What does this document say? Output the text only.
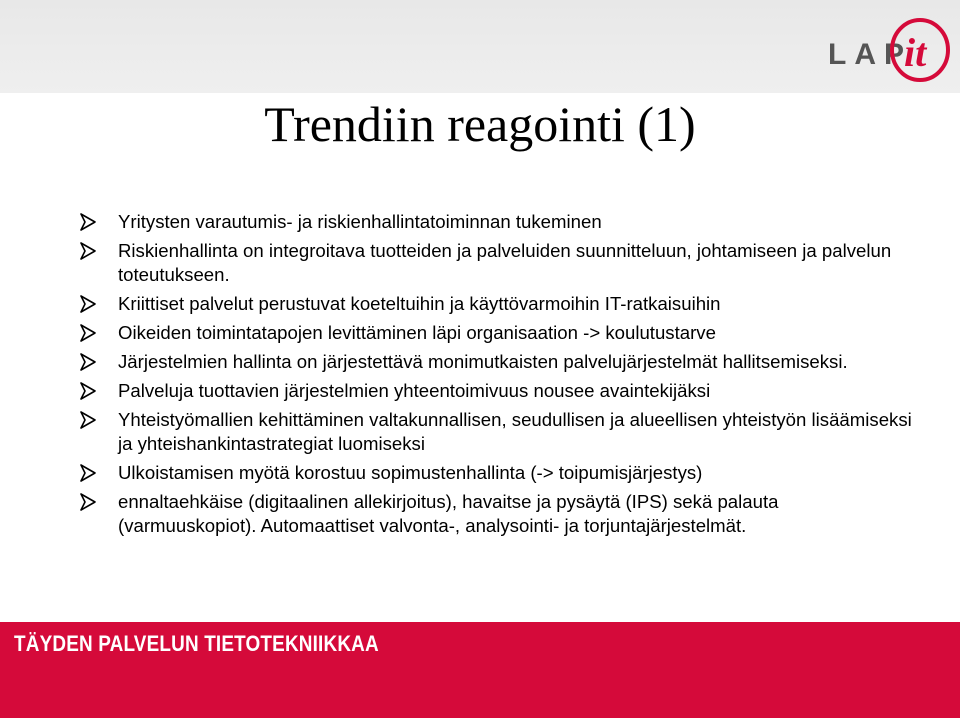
LAP
it
Trendiin reagointi (1)
Yritysten varautumis- ja riskienhallintatoiminnan tukeminen
Riskienhallinta on integroitava tuotteiden ja palveluiden suunnitteluun, johtamiseen ja palvelun toteutukseen.
Kriittiset palvelut perustuvat koeteltuihin ja käyttövarmoihin IT-ratkaisuihin
Oikeiden toimintatapojen levittäminen läpi organisaation -> koulutustarve
Järjestelmien hallinta on järjestettävä monimutkaisten palvelujärjestelmät hallitsemiseksi.
Palveluja tuottavien järjestelmien yhteentoimivuus nousee avaintekijäksi
Yhteistyömallien kehittäminen valtakunnallisen, seudullisen ja alueellisen yhteistyön lisäämiseksi ja yhteishankintastrategiat luomiseksi
Ulkoistamisen myötä korostuu sopimustenhallinta (-> toipumisjärjestys)
ennaltaehkäise (digitaalinen allekirjoitus), havaitse ja pysäytä (IPS) sekä palauta (varmuuskopiot). Automaattiset valvonta-, analysointi- ja torjuntajärjestelmät.
TÄYDEN PALVELUN TIETOTEKNIIKKAA
